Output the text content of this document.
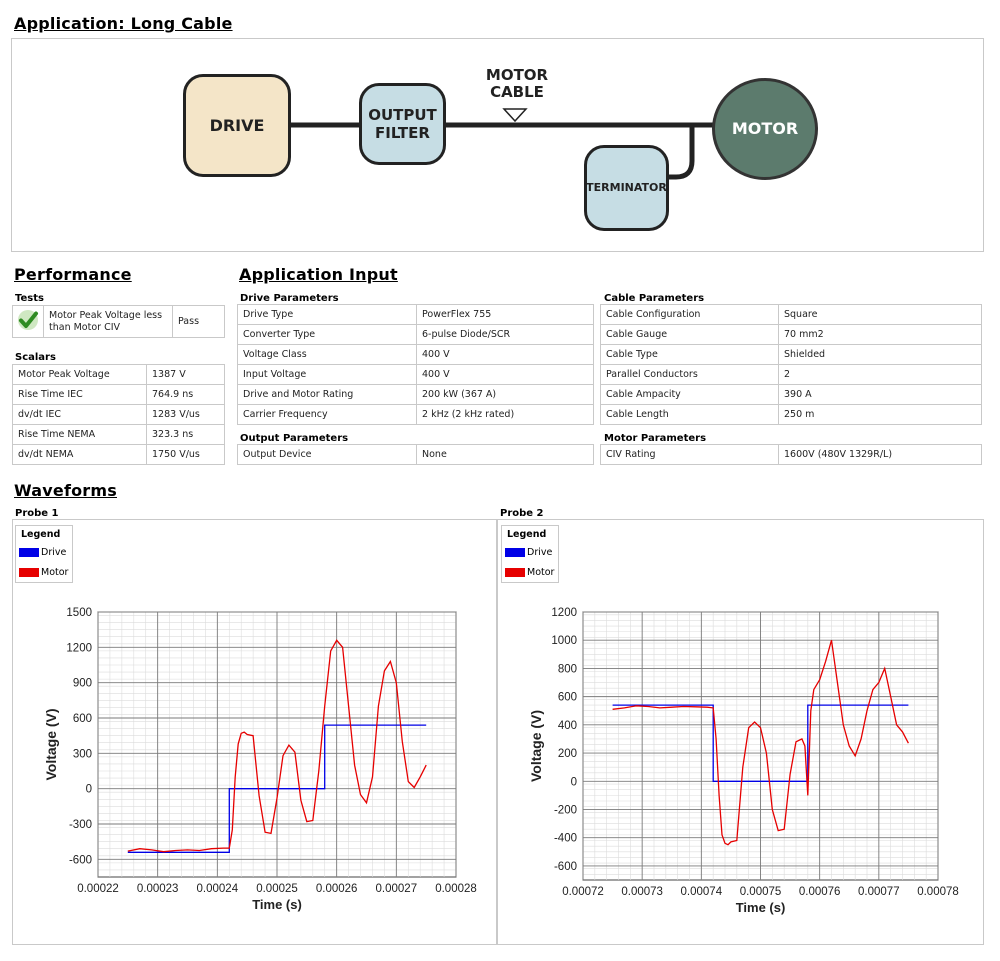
Application: Long Cable
DRIVE
OUTPUT
FILTER
MOTOR
CABLE
TERMINATOR
MOTOR
Performance
Tests
	Motor Peak Voltage less than Motor CIV	Pass
Scalars
Motor Peak Voltage	1387 V
Rise Time IEC	764.9 ns
dv/dt IEC	1283 V/us
Rise Time NEMA	323.3 ns
dv/dt NEMA	1750 V/us
Application Input
Drive Parameters
Drive Type	PowerFlex 755
Converter Type	6-pulse Diode/SCR
Voltage Class	400 V
Input Voltage	400 V
Drive and Motor Rating	200 kW (367 A)
Carrier Frequency	2 kHz (2 kHz rated)
Output Parameters
Output Device	None
Cable Parameters
Cable Configuration	Square
Cable Gauge	70 mm2
Cable Type	Shielded
Parallel Conductors	2
Cable Ampacity	390 A
Cable Length	250 m
Motor Parameters
CIV Rating	1600V (480V 1329R/L)
Waveforms
Probe 1	Probe 2
Legend
Drive
Motor
Legend
Drive
Motor
0.00022 0.00023 0.00024 0.00025 0.00026 0.00027 0.00028
-600
-300
0
300
600
900
1200
1500
Time (s)
Voltage (V)
0.00072 0.00073 0.00074 0.00075 0.00076 0.00077 0.00078
-600
-400
-200
0
200
400
600
800
1000
1200
Time (s)
Voltage (V)
